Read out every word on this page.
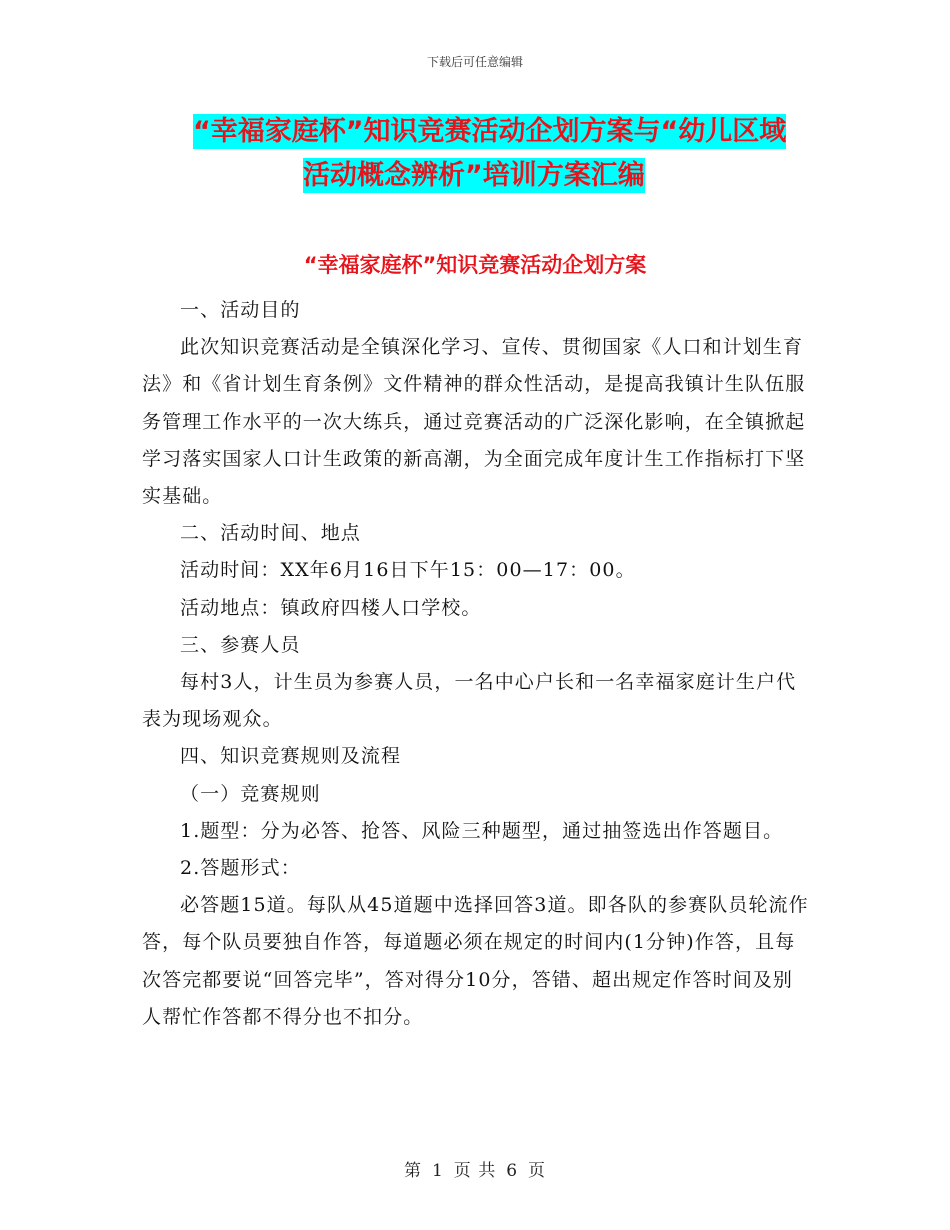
下载后可任意编辑
“幸福家庭杯”知识竞赛活动企划方案与“幼儿区域
活动概念辨析”培训方案汇编
“幸福家庭杯”知识竞赛活动企划方案

一、活动目的

此次知识竞赛活动是全镇深化学习、宣传、贯彻国家《人口和计划生育法》和《省计划生育条例》文件精神的群众性活动，是提高我镇计生队伍服务管理工作水平的一次大练兵，通过竞赛活动的广泛深化影响，在全镇掀起学习落实国家人口计生政策的新高潮，为全面完成年度计生工作指标打下坚实基础。

二、活动时间、地点

活动时间：XX年6月16日下午15：00—17：00。

活动地点：镇政府四楼人口学校。

三、参赛人员

每村3人，计生员为参赛人员，一名中心户长和一名幸福家庭计生户代表为现场观众。

四、知识竞赛规则及流程

（一）竞赛规则

1.题型：分为必答、抢答、风险三种题型，通过抽签选出作答题目。

2.答题形式：

必答题15道。每队从45道题中选择回答3道。即各队的参赛队员轮流作答，每个队员要独自作答，每道题必须在规定的时间内(1分钟)作答，且每次答完都要说“回答完毕”，答对得分10分，答错、超出规定作答时间及别人帮忙作答都不得分也不扣分。

第 1 页 共 6 页
